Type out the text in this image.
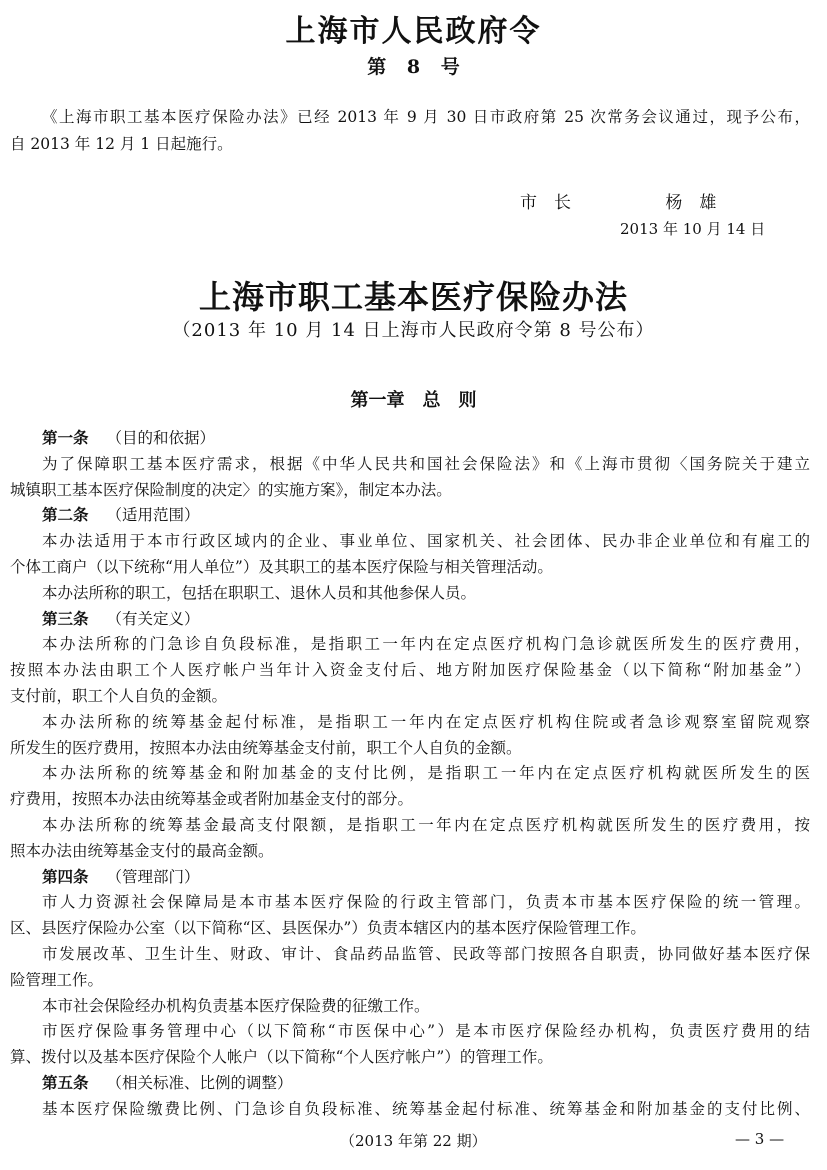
上海市人民政府令
第 8 号
《上海市职工基本医疗保险办法》已经 2013 年 9 月 30 日市政府第 25 次常务会议通过，现予公布，
自 2013 年 12 月 1 日起施行。
市　长	杨　雄
2013 年 10 月 14 日
上海市职工基本医疗保险办法
（2013 年 10 月 14 日上海市人民政府令第 8 号公布）
第一章　总　则
第一条 （目的和依据）
为了保障职工基本医疗需求，根据《中华人民共和国社会保险法》和《上海市贯彻〈国务院关于建立
城镇职工基本医疗保险制度的决定〉的实施方案》，制定本办法。
第二条 （适用范围）
本办法适用于本市行政区域内的企业、事业单位、国家机关、社会团体、民办非企业单位和有雇工的
个体工商户（以下统称“用人单位”）及其职工的基本医疗保险与相关管理活动。
本办法所称的职工，包括在职职工、退休人员和其他参保人员。
第三条 （有关定义）
本办法所称的门急诊自负段标准，是指职工一年内在定点医疗机构门急诊就医所发生的医疗费用，
按照本办法由职工个人医疗帐户当年计入资金支付后、地方附加医疗保险基金（以下简称“附加基金”）
支付前，职工个人自负的金额。
本办法所称的统筹基金起付标准，是指职工一年内在定点医疗机构住院或者急诊观察室留院观察
所发生的医疗费用，按照本办法由统筹基金支付前，职工个人自负的金额。
本办法所称的统筹基金和附加基金的支付比例，是指职工一年内在定点医疗机构就医所发生的医
疗费用，按照本办法由统筹基金或者附加基金支付的部分。
本办法所称的统筹基金最高支付限额，是指职工一年内在定点医疗机构就医所发生的医疗费用，按
照本办法由统筹基金支付的最高金额。
第四条 （管理部门）
市人力资源社会保障局是本市基本医疗保险的行政主管部门，负责本市基本医疗保险的统一管理。
区、县医疗保险办公室（以下简称“区、县医保办”）负责本辖区内的基本医疗保险管理工作。
市发展改革、卫生计生、财政、审计、食品药品监管、民政等部门按照各自职责，协同做好基本医疗保
险管理工作。
本市社会保险经办机构负责基本医疗保险费的征缴工作。
市医疗保险事务管理中心（以下简称“市医保中心”）是本市医疗保险经办机构，负责医疗费用的结
算、拨付以及基本医疗保险个人帐户（以下简称“个人医疗帐户”）的管理工作。
第五条 （相关标准、比例的调整）
基本医疗保险缴费比例、门急诊自负段标准、统筹基金起付标准、统筹基金和附加基金的支付比例、
（2013 年第 22 期）	— 3 —
